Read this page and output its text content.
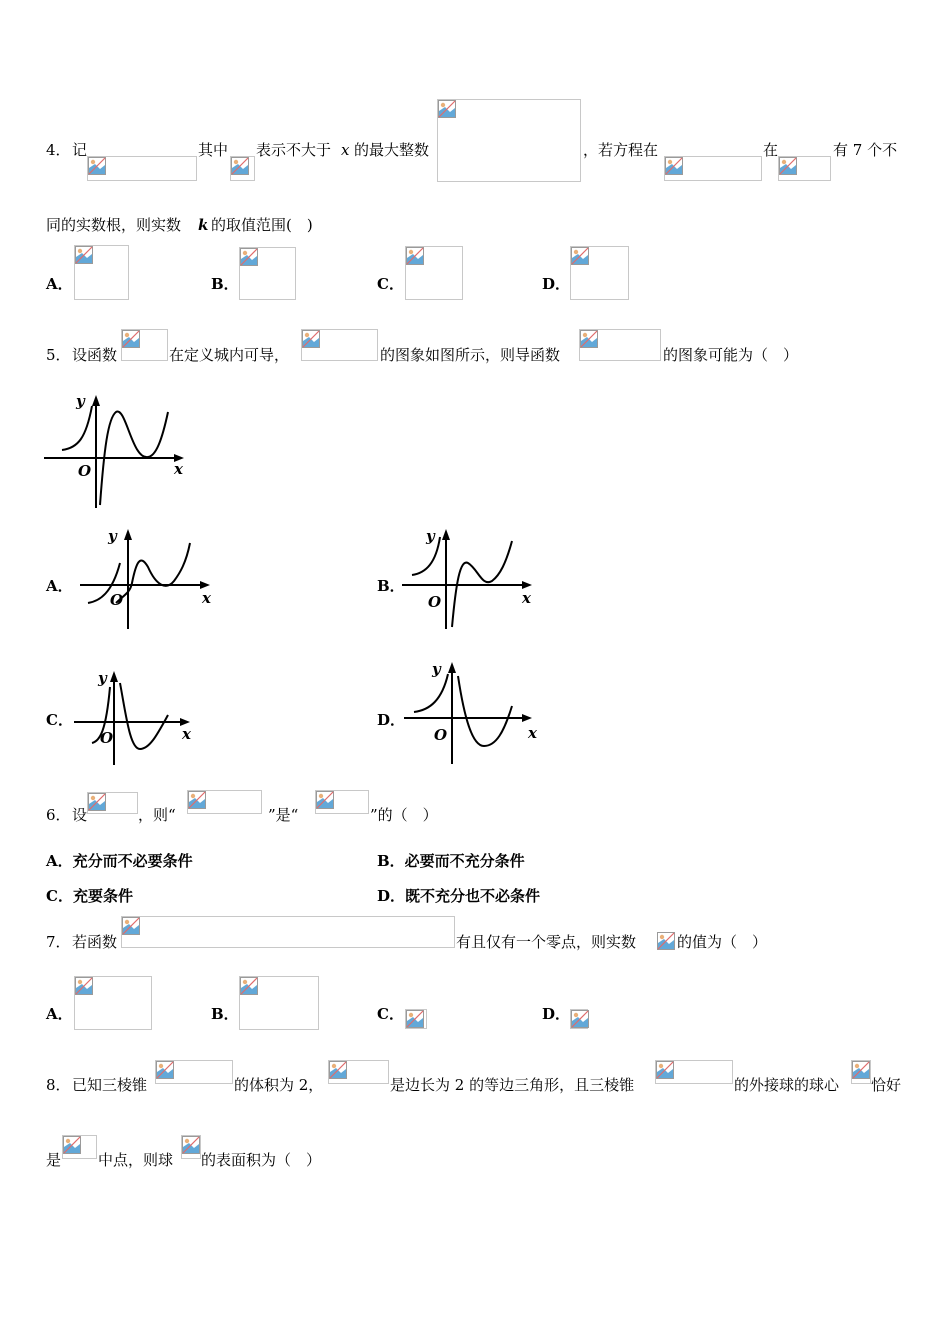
4． 记	其中 表示不大于 x 的最大整数	，若方程在	在	有 7 个不
同的实数根，则实数 k 的取值范围(　)
A．	B．	C．	D．
5． 设函数	在定义城内可导，	的图象如图所示，则导函数	的图象可能为（　）
y
O	x
A．
y
O	x
B．
y
O	x
C．
y
O	x
D．
y
O	x
6． 设	，则“	”是“	”的（　）
A．充分而不必要条件	B．必要而不充分条件
C．充要条件	D．既不充分也不必条件
7． 若函数	有且仅有一个零点，则实数	的值为（　）
A．	B．	C．	D．
8． 已知三棱锥	的体积为 2，	是边长为 2 的等边三角形，且三棱锥	的外接球的球心 恰好
是 中点，则球 的表面积为（　）
